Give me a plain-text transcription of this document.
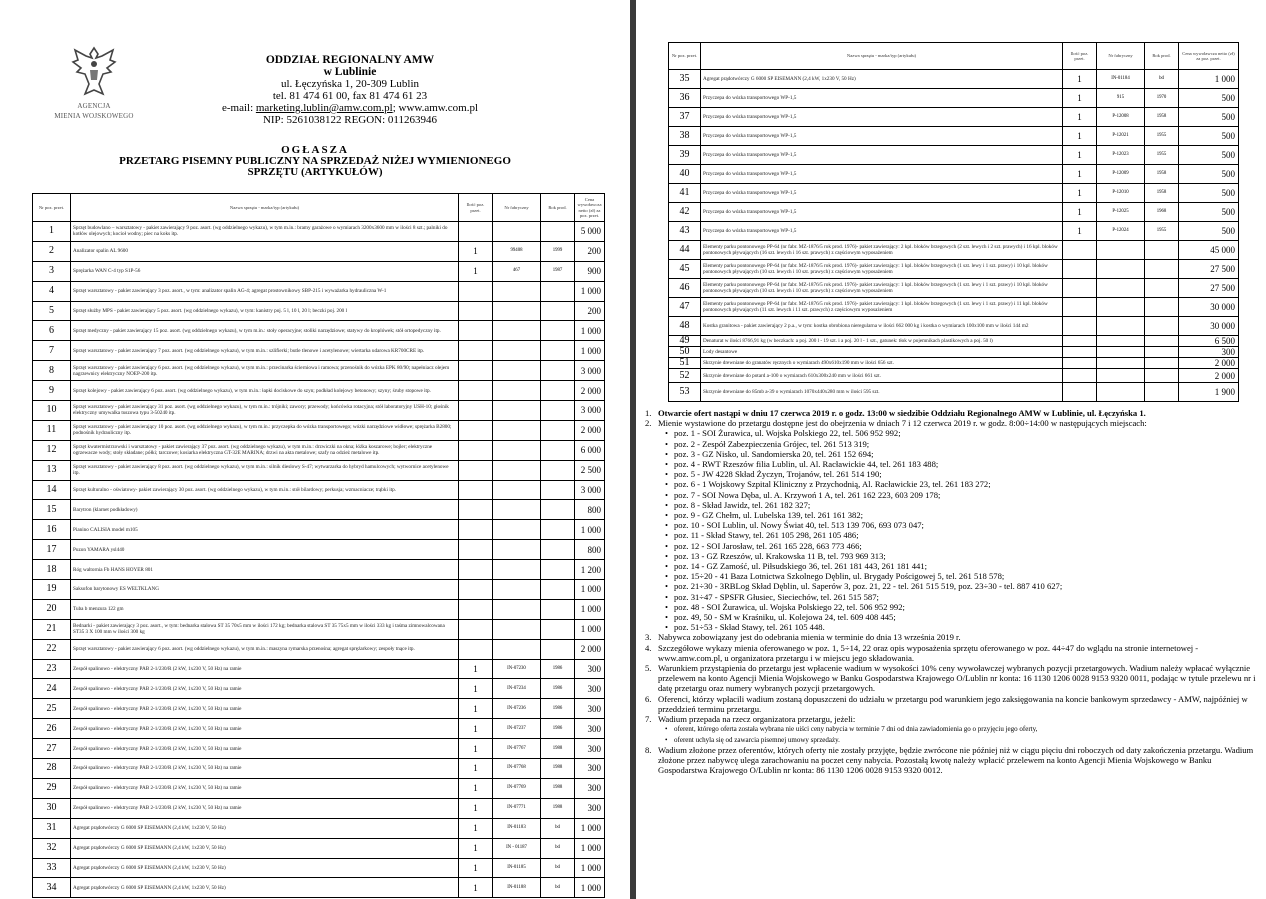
AGENCJA
MIENIA WOJSKOWEGO
ODDZIAŁ REGIONALNY AMW
w Lublinie
ul. Łęczyńska 1, 20-309 Lublin
tel. 81 474 61 00, fax 81 474 61 23
e-mail: marketing.lublin@amw.com.pl; www.amw.com.pl
NIP: 5261038122 REGON: 011263946
OGŁASZA
PRZETARG PISEMNY PUBLICZNY NA SPRZEDAŻ NIŻEJ WYMIENIONEGO
SPRZĘTU (ARTYKUŁÓW)
Nr poz. przet.	Nazwa sprzętu - marka/typ (artykułu)	Ilość poz. przet.	Nr fabryczny	Rok prod.	Cena wywoławcza netto (zł) za poz. przet.
1	Sprzęt budowlano – warsztatowy - pakiet zawierający 9 poz. asort. (wg oddzielnego wykazu), w tym m.in.: bramy garażowe o wymiarach 3200x3600 mm w ilości 8 szt.; palniki do kotłów olejowych; kocioł wodny; piec na koks itp.				5 000
2	Analizator spalin AL 9600	1	99408	1999	200
3	Sprężarka WAN C-4 typ S1P-56	1	467	1987	900
4	Sprzęt warsztatowy - pakiet zawierający 3 poz. asort., w tym: analizator spalin AG-4; agregat prostownikowy SBP-215 i wyważarka hydrauliczna W-1				1 000
5	Sprzęt służby MPS - pakiet zawierający 5 poz. asort. (wg oddzielnego wykazu), w tym: kanistry poj. 5 l, 10 l, 20 l; beczki poj. 200 l				200
6	Sprzęt medyczny - pakiet zawierający 15 poz. asort. (wg oddzielnego wykazu), w tym m.in.: stoły operacyjne; stoliki narzędziowe; statywy do kroplówek; stół ortopedyczny itp.				1 000
7	Sprzęt warsztatowy - pakiet zawierający 7 poz. asort. (wg oddzielnego wykazu), w tym m.in.: szlifierki; butle tlenowe i acetylenowe; wiertarka udarowa KR700CRE itp.				1 000
8	Sprzęt warsztatowy - pakiet zawierający 6 poz. asort. (wg oddzielnego wykazu), w tym m.in.: przecinarka ścierniowa i ramowa; przenośnik do wózka EPK 80/90; napełniacz olejem nagrzewnicy elektryczny NOEP-200 itp.				3 000
9	Sprzęt kolejowy - pakiet zawierający 6 poz. asort. (wg oddzielnego wykazu), w tym m.in.: łapki dociskowe do szyn; podkład kolejowy betonowy; szyny; śruby stopowe itp.				2 000
10	Sprzęt warsztatowy - pakiet zawierający 31 poz. asort. (wg oddzielnego wykazu), w tym m.in.: trójniki; zawory; przewody; końcówka rotacyjna; stół laboratoryjny USH-10; głośnik elektryczny umywalka tuszowa typu 3-50240 itp.				3 000
11	Sprzęt warsztatowy - pakiet zawierający 10 poz. asort. (wg oddzielnego wykazu), w tym m.in.: przyczepka do wózka transportowego; wózki narzędziowe widłowe; sprężarka B2800; podnośnik hydrauliczny itp.				2 000
12	Sprzęt kwatermistrzowski i warsztatowy - pakiet zawierający 37 poz. asort. (wg oddzielnego wykazu), w tym m.in.: drzwiczki na okna; łóżka koszarowe; bojler; elektryczne ogrzewacze wody; stoły składane; półki; tarczowe; kosiarka elektryczna GT-32E MARINA; drzwi na akta metalowe; szafy na odzież metalowe itp.				6 000
13	Sprzęt warsztatowy - pakiet zawierający 8 poz. asort. (wg oddzielnego wykazu), w tym m.in.: silnik dieslowy S-47; wytwarzarka do hybryd hamulcowych; wytwornice acetylenowe itp.				2 500
14	Sprzęt kulturalno - oświatowy- pakiet zawierający 30 poz. asort. (wg oddzielnego wykazu), w tym m.in.: stół bilardowy; perkusja; wzmacniacze; trąbki itp.				3 000
15	Barytron (klarnet podkładowy)				800
16	Pianino CALISIA model m105				1 000
17	Puzon YAMARA ysl440				800
18	Róg waltornia Fb HANS HOYER 801				1 200
19	Saksofon barytonowy ES WELTKLANG				1 000
20	Tuba b menzura 122 gm				1 000
21	Bednarki - pakiet zawierający 3 poz. asort., w tym: bednarka stalowa ST 35 70x5 mm w ilości 172 kg; bednarka stalowa ST 35 75x5 mm w ilości 333 kg i taśma zimnowalcowana ST35 3 X 100 mm w ilości 300 kg				1 000
22	Sprzęt warsztatowy - pakiet zawierający 6 poz. asort. (wg oddzielnego wykazu), w tym m.in.: maszyna rymarska przenośna; agregat sprężarkowy; zespoły tnące itp.				2 000
23	Zespół spalinowo - elektryczny PAB 2-1/230/R (2 kW, 1x230 V, 50 Hz) na ramie	1	IN-07230	1986	300
24	Zespół spalinowo - elektryczny PAB 2-1/230/R (2 kW, 1x230 V, 50 Hz) na ramie	1	IN-07234	1986	300
25	Zespół spalinowo - elektryczny PAB 2-1/230/R (2 kW, 1x230 V, 50 Hz) na ramie	1	IN-07236	1986	300
26	Zespół spalinowo - elektryczny PAB 2-1/230/R (2 kW, 1x230 V, 50 Hz) na ramie	1	IN-07237	1986	300
27	Zespół spalinowo - elektryczny PAB 2-1/230/R (2 kW, 1x230 V, 50 Hz) na ramie	1	IN-07767	1988	300
28	Zespół spalinowo - elektryczny PAB 2-1/230/R (2 kW, 1x230 V, 50 Hz) na ramie	1	IN-07768	1988	300
29	Zespół spalinowo - elektryczny PAB 2-1/230/R (2 kW, 1x230 V, 50 Hz) na ramie	1	IN-07769	1988	300
30	Zespół spalinowo - elektryczny PAB 2-1/230/R (2 kW, 1x230 V, 50 Hz) na ramie	1	IN-07771	1988	300
31	Agregat prądotwórczy G 6000 SP EISEMANN (2,4 kW, 1x230 V, 50 Hz)	1	IN-01183	bd	1 000
32	Agregat prądotwórczy G 6000 SP EISEMANN (2,4 kW, 1x230 V, 50 Hz)	1	IN - 01187	bd	1 000
33	Agregat prądotwórczy G 6000 SP EISEMANN (2,4 kW, 1x230 V, 50 Hz)	1	IN-01185	bd	1 000
34	Agregat prądotwórczy G 6000 SP EISEMANN (2,4 kW, 1x230 V, 50 Hz)	1	IN-01188	bd	1 000
Nr poz. przet.	Nazwa sprzętu - marka/typ (artykułu)	Ilość poz. przet.	Nr fabryczny	Rok prod.	Cena wywoławcza netto (zł) za poz. przet.
35	Agregat prądotwórczy G 6000 SP EISEMANN (2,4 kW, 1x230 V, 50 Hz)	1	IN-01184	bd	1 000
36	Przyczepa do wózka transportowego WP-1,5	1	915	1970	500
37	Przyczepa do wózka transportowego WP-1,5	1	P-12008	1958	500
38	Przyczepa do wózka transportowego WP-1,5	1	P-12021	1955	500
39	Przyczepa do wózka transportowego WP-1,5	1	P-12023	1955	500
40	Przyczepa do wózka transportowego WP-1,5	1	P-12009	1958	500
41	Przyczepa do wózka transportowego WP-1,5	1	P-12010	1958	500
42	Przyczepa do wózka transportowego WP-1,5	1	P-12025	1968	500
43	Przyczepa do wózka transportowego WP-1,5	1	P-12024	1955	500
44	Elementy parku pontonowego PP-64 (nr fabr. MZ-1876/5 rok prod. 1976)- pakiet zawierający: 2 kpl. bloków brzegowych (2 szt. lewych i 2 szt. prawych) i 16 kpl. bloków pontonowych pływających (16 szt. lewych i 16 szt. prawych) z częściowym wyposażeniem				45 000
45	Elementy parku pontonowego PP-64 (nr fabr. MZ-1876/5 rok prod. 1976)- pakiet zawierający: 1 kpl. bloków brzegowych (1 szt. lewy i 1 szt. prawy) i 10 kpl. bloków pontonowych pływających (10 szt. lewych i 10 szt. prawych) z częściowym wyposażeniem				27 500
46	Elementy parku pontonowego PP-64 (nr fabr. MZ-1876/5 rok prod. 1976)- pakiet zawierający: 1 kpl. bloków brzegowych (1 szt. lewy i 1 szt. prawy) i 10 kpl. bloków pontonowych pływających (10 szt. lewych i 10 szt. prawych) z częściowym wyposażeniem				27 500
47	Elementy parku pontonowego PP-64 (nr fabr. MZ-1876/5 rok prod. 1976)- pakiet zawierający: 1 kpl. bloków brzegowych (1 szt. lewy i 1 szt. prawy) i 11 kpl. bloków pontonowych pływających (11 szt. lewych i 11 szt. prawych) z częściowym wyposażeniem				30 000
48	Kostka granitowa - pakiet zawierający 2 p.a., w tym: kostka obrobiona nieregularna w ilości 662 000 kg i kostka o wymiarach 100x100 mm w ilości 144 m2				30 000
49	Denaturat w ilości 8766,91 kg (w beczkach: a poj. 200 l - 19 szt. i a poj. 20 l - 1 szt., gatunek: tłok w pojemnikach plastikowych a poj. 50 l)				6 500
50	Lody desantowe				300
51	Skrzynie drewniane do granatów ręcznych o wymiarach 490x610x190 mm w ilości 656 szt.				2 000
52	Skrzynie drewniane do potard a-100 o wymiarach 610x300x240 mm w ilości 661 szt.				2 000
53	Skrzynie drewniane do 85mb a-39 o wymiarach 1070x440x280 mm w ilości 595 szt.				1 900
1. Otwarcie ofert nastąpi w dniu 17 czerwca 2019 r. o godz. 13:00 w siedzibie Oddziału Regionalnego AMW w Lublinie, ul. Łęczyńska 1.
2. Mienie wystawione do przetargu dostępne jest do obejrzenia w dniach 7 i 12 czerwca 2019 r. w godz. 8:00÷14:00 w następujących miejscach:
• poz. 1 - SOI Żurawica, ul. Wojska Polskiego 22, tel. 506 952 992;
• poz. 2 - Zespół Zabezpieczenia Grójec, tel. 261 513 319;
• poz. 3 - GZ Nisko, ul. Sandomierska 20, tel. 261 152 694;
• poz. 4 - RWT Rzeszów filia Lublin, ul. Al. Racławickie 44, tel. 261 183 488;
• poz. 5 - JW 4228 Skład Życzyn, Trojanów, tel. 261 514 190;
• poz. 6 - 1 Wojskowy Szpital Kliniczny z Przychodnią, Al. Racławickie 23, tel. 261 183 272;
• poz. 7 - SOI Nowa Dęba, ul. A. Krzywoń 1 A, tel. 261 162 223, 603 209 178;
• poz. 8 - Skład Jawidz, tel. 261 182 327;
• poz. 9 - GZ Chełm, ul. Lubelska 139, tel. 261 161 382;
• poz. 10 - SOI Lublin, ul. Nowy Świat 40, tel. 513 139 706, 693 073 047;
• poz. 11 - Skład Stawy, tel. 261 105 298, 261 105 486;
• poz. 12 - SOI Jarosław, tel. 261 165 228, 663 773 466;
• poz. 13 - GZ Rzeszów, ul. Krakowska 11 B, tel. 793 969 313;
• poz. 14 - GZ Zamość, ul. Piłsudskiego 36, tel. 261 181 443, 261 181 441;
• poz. 15÷20 - 41 Baza Lotnictwa Szkolnego Dęblin, ul. Brygady Pościgowej 5, tel. 261 518 578;
• poz. 21÷30 - 3RBLog Skład Dęblin, ul. Saperów 3, poz. 21, 22 - tel. 261 515 519, poz. 23÷30 - tel. 887 410 627;
• poz. 31÷47 - SPSFR Głusiec, Sieciechów, tel. 261 515 587;
• poz. 48 - SOI Żurawica, ul. Wojska Polskiego 22, tel. 506 952 992;
• poz. 49, 50 - SM w Kraśniku, ul. Kolejowa 24, tel. 609 408 445;
• poz. 51÷53 - Skład Stawy, tel. 261 105 448.
3. Nabywca zobowiązany jest do odebrania mienia w terminie do dnia 13 września 2019 r.
4. Szczegółowe wykazy mienia oferowanego w poz. 1, 5÷14, 22 oraz opis wyposażenia sprzętu oferowanego w poz. 44÷47 do wglądu na stronie internetowej - www.amw.com.pl, u organizatora przetargu i w miejscu jego składowania.
5. Warunkiem przystąpienia do przetargu jest wpłacenie wadium w wysokości 10% ceny wywoławczej wybranych pozycji przetargowych. Wadium należy wpłacać wyłącznie przelewem na konto Agencji Mienia Wojskowego w Banku Gospodarstwa Krajowego O/Lublin nr konta: 16 1130 1206 0028 9153 9320 0011, podając w tytule przelewu nr i datę przetargu oraz numery wybranych pozycji przetargowych.
6. Oferenci, którzy wpłacili wadium zostaną dopuszczeni do udziału w przetargu pod warunkiem jego zaksięgowania na koncie bankowym sprzedawcy - AMW, najpóźniej w przeddzień terminu przetargu.
7. Wadium przepada na rzecz organizatora przetargu, jeżeli:
• oferent, którego oferta została wybrana nie uiści ceny nabycia w terminie 7 dni od dnia zawiadomienia go o przyjęciu jego oferty,
• oferent uchyla się od zawarcia pisemnej umowy sprzedaży.
8. Wadium złożone przez oferentów, których oferty nie zostały przyjęte, będzie zwrócone nie później niż w ciągu pięciu dni roboczych od daty zakończenia przetargu. Wadium złożone przez nabywcę ulega zarachowaniu na poczet ceny nabycia. Pozostałą kwotę należy wpłacić przelewem na konto Agencji Mienia Wojskowego w Banku Gospodarstwa Krajowego O/Lublin nr konta: 86 1130 1206 0028 9153 9320 0012.
